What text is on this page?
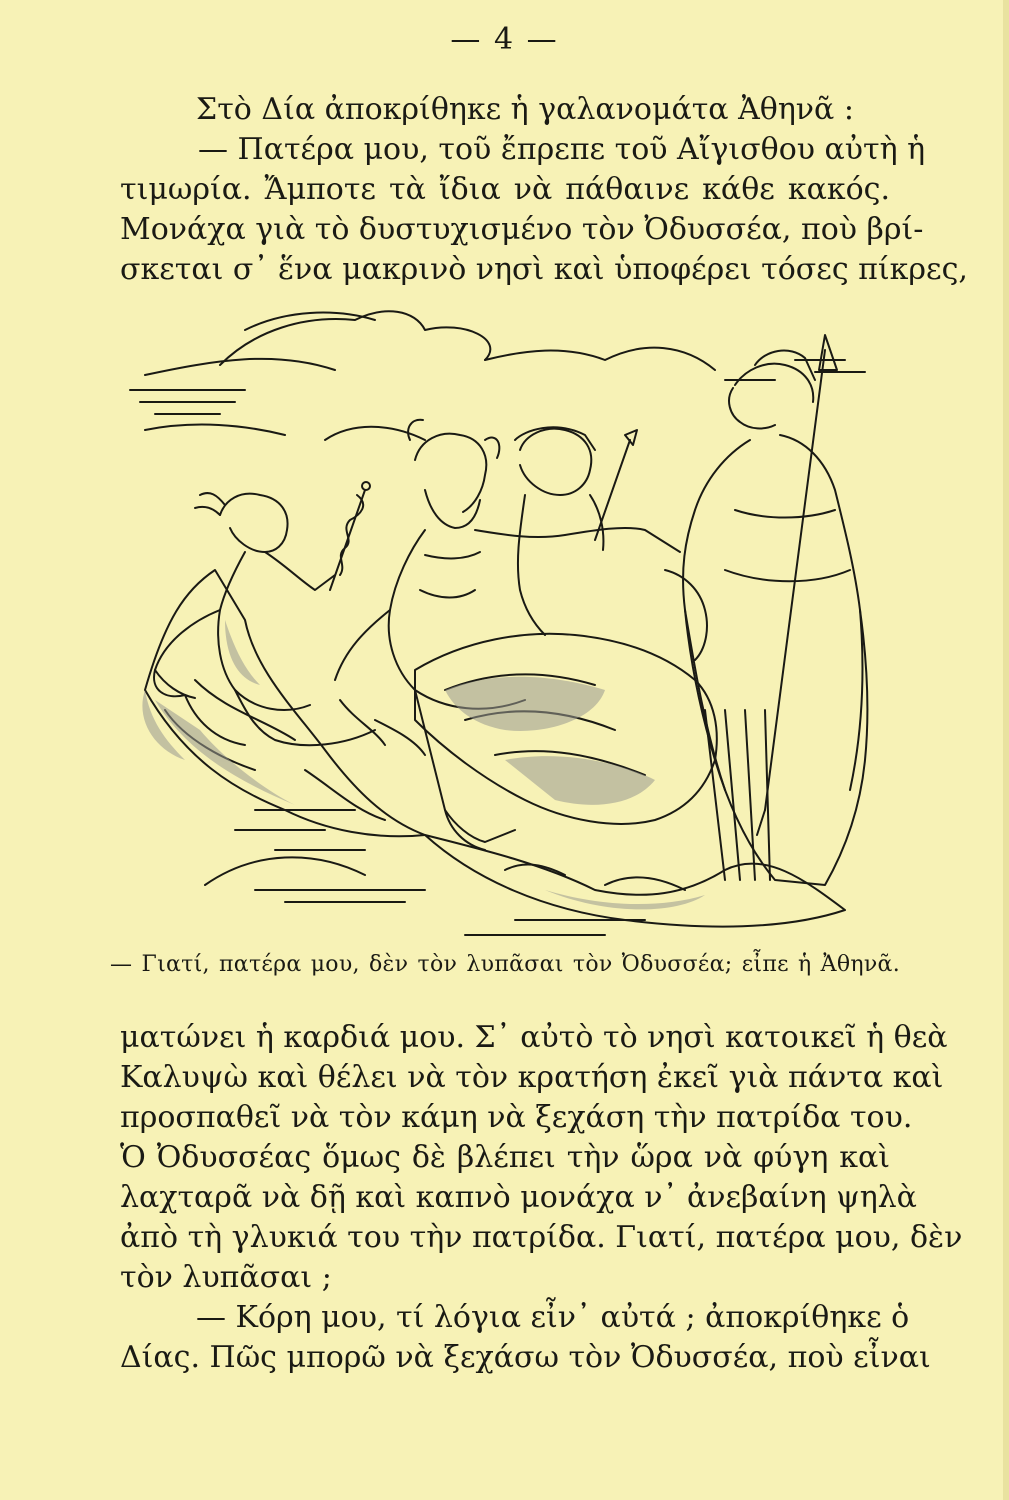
— 4 —
Στὸ Δία ἀποκρίθηκε ἡ γαλανομάτα Ἀθηνᾶ :
— Πατέρα μου, τοῦ ἔπρεπε τοῦ Αἴγισθου αὐτὴ ἡ
τιμωρία. Ἄμποτε τὰ ἴδια νὰ πάθαινε κάθε κακός.
Μονάχα γιὰ τὸ δυστυχισμένο τὸν Ὀδυσσέα, ποὺ βρί-
σκεται σ᾿ ἕνα μακρινὸ νησὶ καὶ ὑποφέρει τόσες πίκρες,
— Γιατί, πατέρα μου, δὲν τὸν λυπᾶσαι τὸν Ὀδυσσέα; εἶπε ἡ Ἀθηνᾶ.
ματώνει ἡ καρδιά μου. Σ᾿ αὐτὸ τὸ νησὶ κατοικεῖ ἡ θεὰ
Καλυψὼ καὶ θέλει νὰ τὸν κρατήση ἐκεῖ γιὰ πάντα καὶ
προσπαθεῖ νὰ τὸν κάμη νὰ ξεχάση τὴν πατρίδα του.
Ὁ Ὀδυσσέας ὅμως δὲ βλέπει τὴν ὥρα νὰ φύγη καὶ
λαχταρᾶ νὰ δῇ καὶ καπνὸ μονάχα ν᾿ ἀνεβαίνη ψηλὰ
ἀπὸ τὴ γλυκιά του τὴν πατρίδα. Γιατί, πατέρα μου, δὲν
τὸν λυπᾶσαι ;
— Κόρη μου, τί λόγια εἶν᾿ αὐτά ; ἀποκρίθηκε ὁ
Δίας. Πῶς μπορῶ νὰ ξεχάσω τὸν Ὀδυσσέα, ποὺ εἶναι
